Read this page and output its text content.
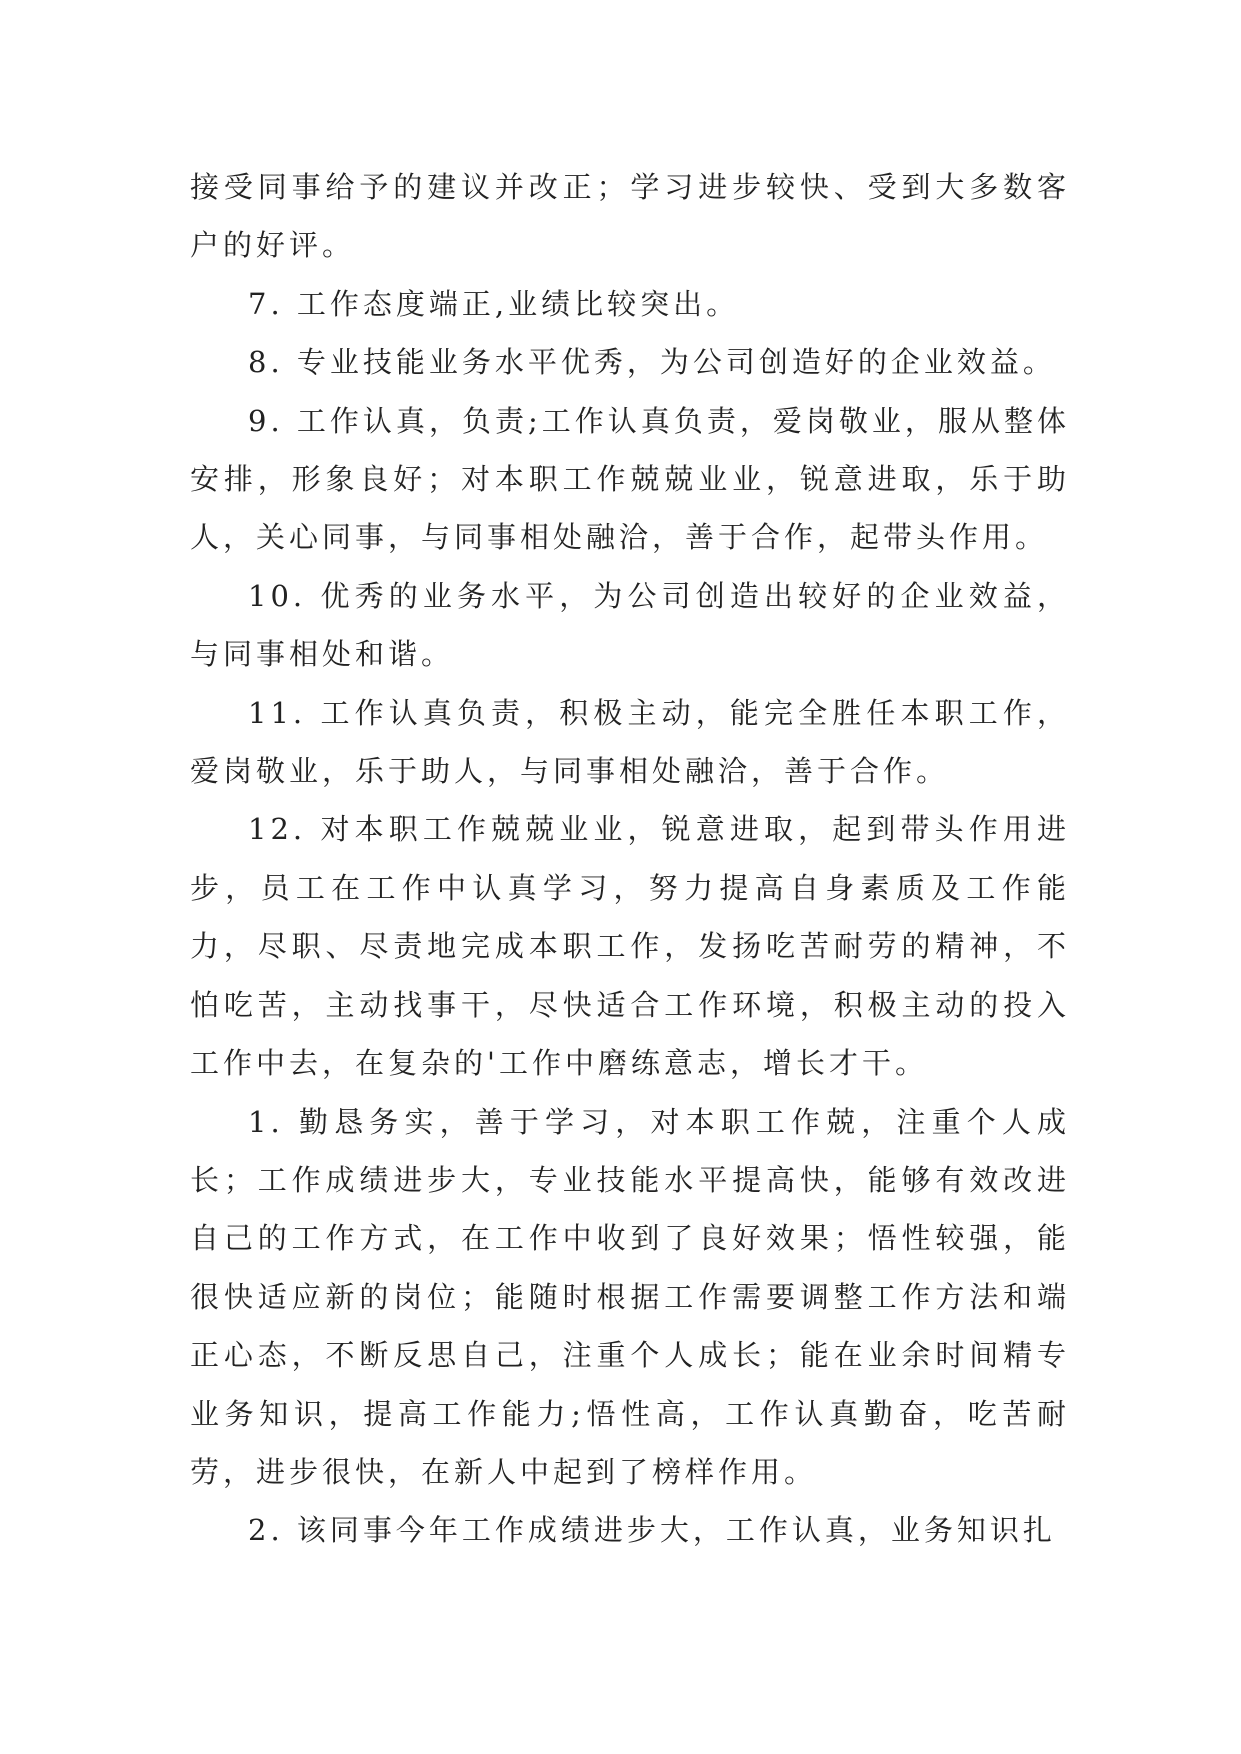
接受同事给予的建议并改正；学习进步较快、受到大多数客户的好评。

7. 工作态度端正,业绩比较突出。

8. 专业技能业务水平优秀，为公司创造好的企业效益。

9. 工作认真，负责;工作认真负责，爱岗敬业，服从整体安排，形象良好；对本职工作兢兢业业，锐意进取，乐于助人，关心同事，与同事相处融洽，善于合作，起带头作用。

10. 优秀的业务水平，为公司创造出较好的企业效益，与同事相处和谐。

11. 工作认真负责，积极主动，能完全胜任本职工作，爱岗敬业，乐于助人，与同事相处融洽，善于合作。

12. 对本职工作兢兢业业，锐意进取，起到带头作用进步，员工在工作中认真学习，努力提高自身素质及工作能力，尽职、尽责地完成本职工作，发扬吃苦耐劳的精神，不怕吃苦，主动找事干，尽快适合工作环境，积极主动的投入工作中去，在复杂的'工作中磨练意志，增长才干。

1. 勤恳务实，善于学习，对本职工作兢，注重个人成长；工作成绩进步大，专业技能水平提高快，能够有效改进自己的工作方式，在工作中收到了良好效果；悟性较强，能很快适应新的岗位；能随时根据工作需要调整工作方法和端正心态，不断反思自己，注重个人成长；能在业余时间精专业务知识，提高工作能力;悟性高，工作认真勤奋，吃苦耐劳，进步很快，在新人中起到了榜样作用。

2. 该同事今年工作成绩进步大，工作认真，业务知识扎
